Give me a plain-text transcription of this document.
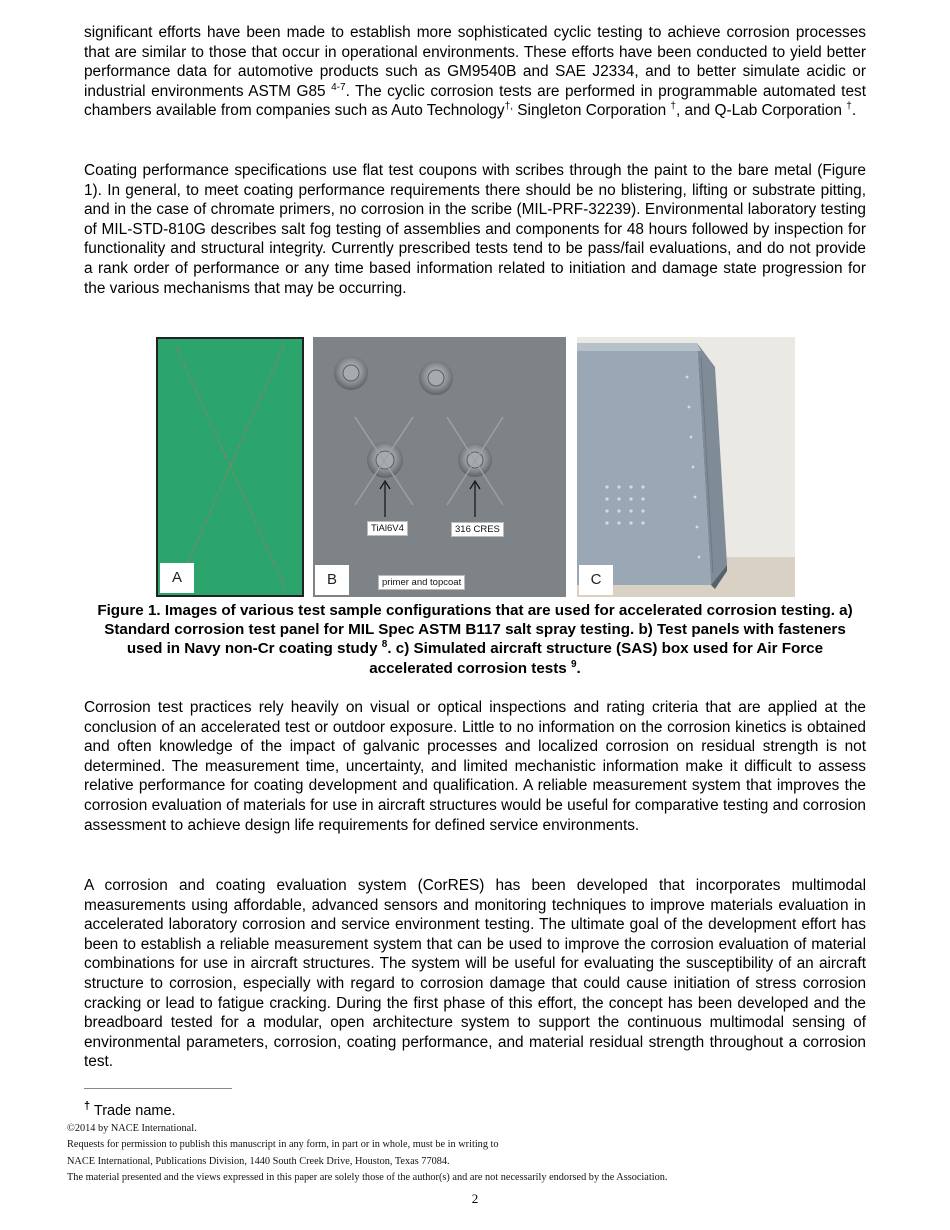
significant efforts have been made to establish more sophisticated cyclic testing to achieve corrosion processes that are similar to those that occur in operational environments. These efforts have been conducted to yield better performance data for automotive products such as GM9540B and SAE J2334, and to better simulate acidic or industrial environments ASTM G85 $^{4-7}$. The cyclic corrosion tests are performed in programmable automated test chambers available from companies such as Auto Technology†, Singleton Corporation †, and Q-Lab Corporation †.

Coating performance specifications use flat test coupons with scribes through the paint to the bare metal (Figure 1). In general, to meet coating performance requirements there should be no blistering, lifting or substrate pitting, and in the case of chromate primers, no corrosion in the scribe (MIL-PRF-32239). Environmental laboratory testing of MIL-STD-810G describes salt fog testing of assemblies and components for 48 hours followed by inspection for functionality and structural integrity. Currently prescribed tests tend to be pass/fail evaluations, and do not provide a rank order of performance or any time based information related to initiation and damage state progression for the various mechanisms that may be occurring.

A
TiAl6V4	316 CRES
primer and topcoat
B	C

Figure 1. Images of various test sample configurations that are used for accelerated corrosion testing. a) Standard corrosion test panel for MIL Spec ASTM B117 salt spray testing. b) Test panels with fasteners used in Navy non-Cr coating study $^8$. c) Simulated aircraft structure (SAS) box used for Air Force accelerated corrosion tests $^9$.

Corrosion test practices rely heavily on visual or optical inspections and rating criteria that are applied at the conclusion of an accelerated test or outdoor exposure. Little to no information on the corrosion kinetics is obtained and often knowledge of the impact of galvanic processes and localized corrosion on residual strength is not determined. The measurement time, uncertainty, and limited mechanistic information make it difficult to assess relative performance for coating development and qualification. A reliable measurement system that improves the corrosion evaluation of materials for use in aircraft structures would be useful for comparative testing and corrosion assessment to achieve design life requirements for defined service environments.

A corrosion and coating evaluation system (CorRES) has been developed that incorporates multimodal measurements using affordable, advanced sensors and monitoring techniques to improve materials evaluation in accelerated laboratory corrosion and service environment testing. The ultimate goal of the development effort has been to establish a reliable measurement system that can be used to improve the corrosion evaluation of material combinations for use in aircraft structures. The system will be useful for evaluating the susceptibility of an aircraft structure to corrosion, especially with regard to corrosion damage that could cause initiation of stress corrosion cracking or lead to fatigue cracking. During the first phase of this effort, the concept has been developed and the breadboard tested for a modular, open architecture system to support the continuous multimodal sensing of environmental parameters, corrosion, coating performance, and material residual strength throughout a corrosion test.

† Trade name.

©2014 by NACE International.

Requests for permission to publish this manuscript in any form, in part or in whole, must be in writing to

NACE International, Publications Division, 1440 South Creek Drive, Houston, Texas 77084.

The material presented and the views expressed in this paper are solely those of the author(s) and are not necessarily endorsed by the Association.

2
